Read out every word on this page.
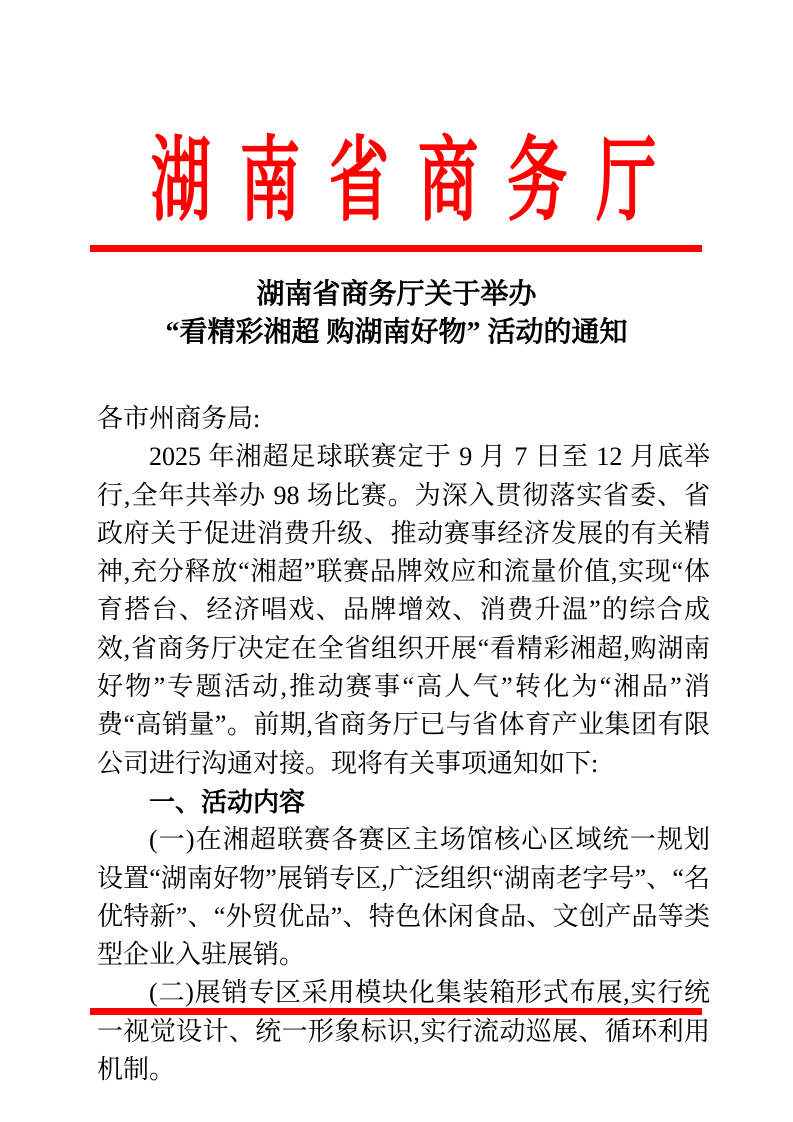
湖南省商务厅
湖南省商务厅关于举办
“看精彩湘超 购湖南好物” 活动的通知
各市州商务局:
2025 年湘超足球联赛定于 9 月 7 日至 12 月底举行,全年共举办 98 场比赛。为深入贯彻落实省委、省政府关于促进消费升级、推动赛事经济发展的有关精神,充分释放“湘超”联赛品牌效应和流量价值,实现“体育搭台、经济唱戏、品牌增效、消费升温”的综合成效,省商务厅决定在全省组织开展“看精彩湘超,购湖南好物”专题活动,推动赛事“高人气”转化为“湘品”消费“高销量”。前期,省商务厅已与省体育产业集团有限公司进行沟通对接。现将有关事项通知如下:
一、活动内容
(一)在湘超联赛各赛区主场馆核心区域统一规划设置“湖南好物”展销专区,广泛组织“湖南老字号”、“名优特新”、“外贸优品”、特色休闲食品、文创产品等类型企业入驻展销。
(二)展销专区采用模块化集装箱形式布展,实行统一视觉设计、统一形象标识,实行流动巡展、循环利用机制。
